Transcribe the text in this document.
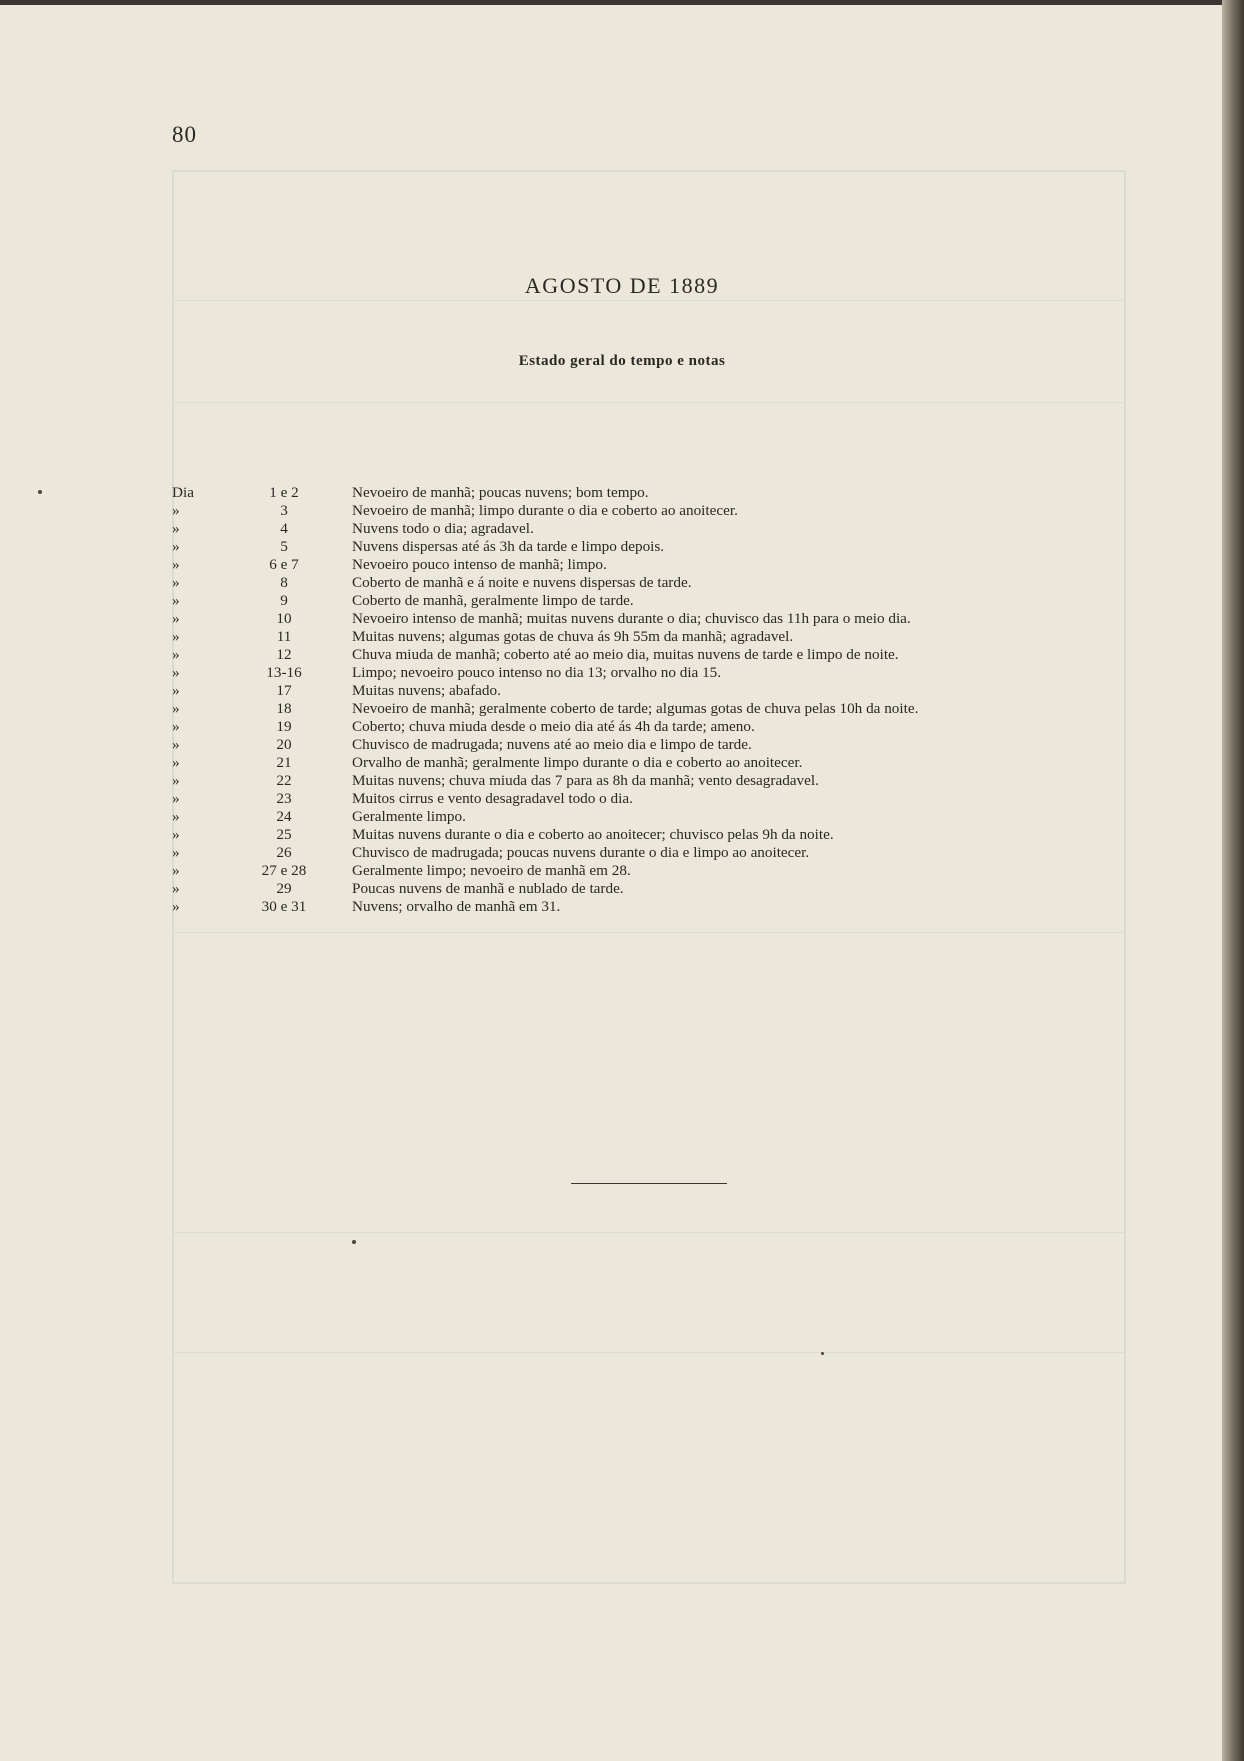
80
AGOSTO DE 1889
Estado geral do tempo e notas
Dia	1 e 2	Nevoeiro de manhã; poucas nuvens; bom tempo.
»	3	Nevoeiro de manhã; limpo durante o dia e coberto ao anoitecer.
»	4	Nuvens todo o dia; agradavel.
»	5	Nuvens dispersas até ás 3h da tarde e limpo depois.
»	6 e 7	Nevoeiro pouco intenso de manhã; limpo.
»	8	Coberto de manhã e á noite e nuvens dispersas de tarde.
»	9	Coberto de manhã, geralmente limpo de tarde.
»	10	Nevoeiro intenso de manhã; muitas nuvens durante o dia; chuvisco das 11h para o meio dia.
»	11	Muitas nuvens; algumas gotas de chuva ás 9h 55m da manhã; agradavel.
»	12	Chuva miuda de manhã; coberto até ao meio dia, muitas nuvens de tarde e limpo de noite.
»	13-16	Limpo; nevoeiro pouco intenso no dia 13; orvalho no dia 15.
»	17	Muitas nuvens; abafado.
»	18	Nevoeiro de manhã; geralmente coberto de tarde; algumas gotas de chuva pelas 10h da noite.
»	19	Coberto; chuva miuda desde o meio dia até ás 4h da tarde; ameno.
»	20	Chuvisco de madrugada; nuvens até ao meio dia e limpo de tarde.
»	21	Orvalho de manhã; geralmente limpo durante o dia e coberto ao anoitecer.
»	22	Muitas nuvens; chuva miuda das 7 para as 8h da manhã; vento desagradavel.
»	23	Muitos cirrus e vento desagradavel todo o dia.
»	24	Geralmente limpo.
»	25	Muitas nuvens durante o dia e coberto ao anoitecer; chuvisco pelas 9h da noite.
»	26	Chuvisco de madrugada; poucas nuvens durante o dia e limpo ao anoitecer.
»	27 e 28	Geralmente limpo; nevoeiro de manhã em 28.
»	29	Poucas nuvens de manhã e nublado de tarde.
»	30 e 31	Nuvens; orvalho de manhã em 31.
